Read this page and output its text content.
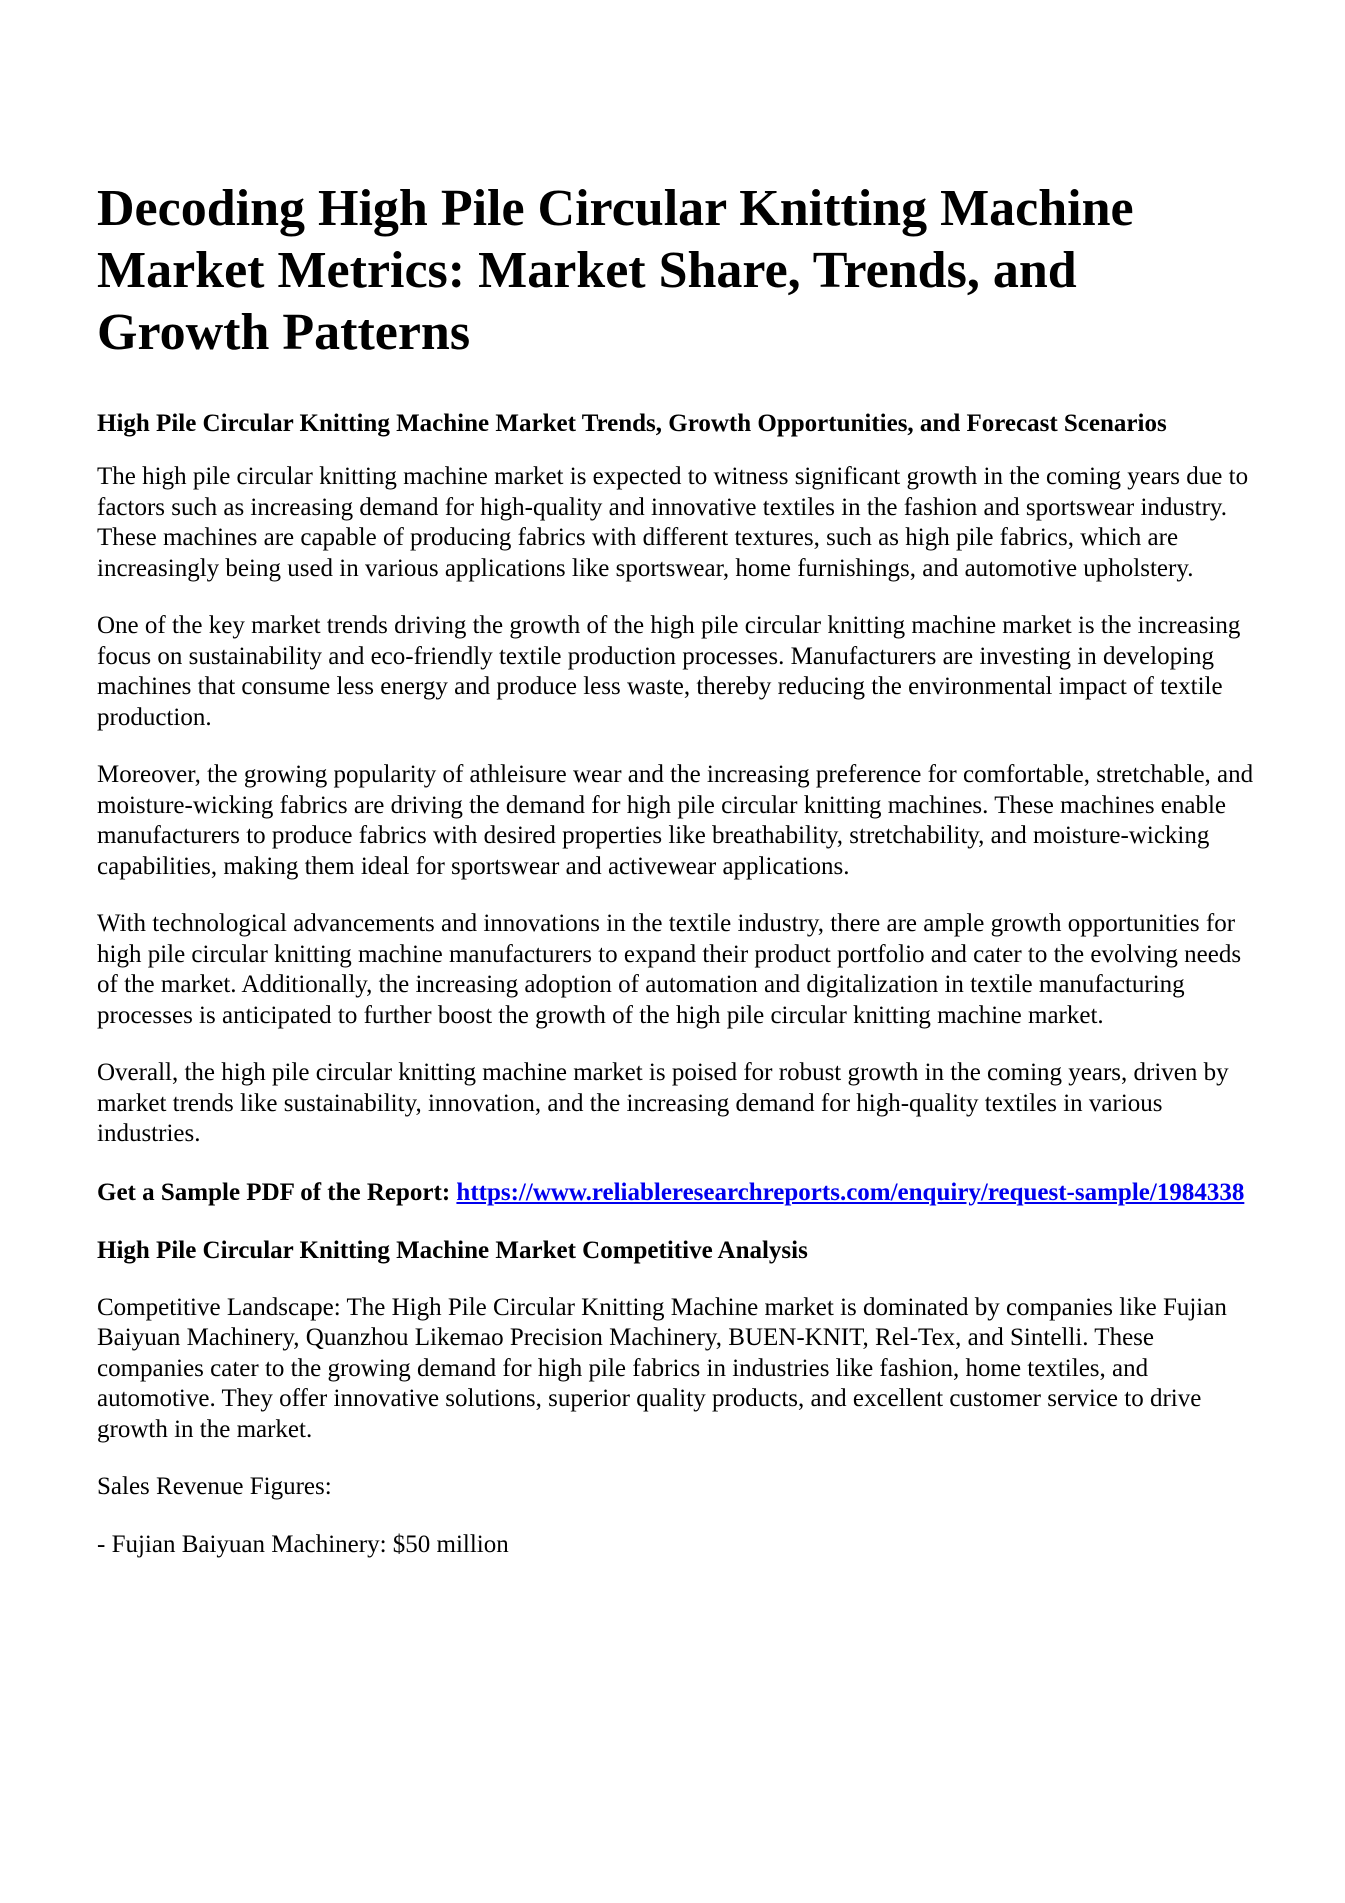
Decoding High Pile Circular Knitting Machine Market Metrics: Market Share, Trends, and Growth Patterns
High Pile Circular Knitting Machine Market Trends, Growth Opportunities, and Forecast Scenarios

The high pile circular knitting machine market is expected to witness significant growth in the coming years due to factors such as increasing demand for high-quality and innovative textiles in the fashion and sportswear industry. These machines are capable of producing fabrics with different textures, such as high pile fabrics, which are increasingly being used in various applications like sportswear, home furnishings, and automotive upholstery.

One of the key market trends driving the growth of the high pile circular knitting machine market is the increasing focus on sustainability and eco-friendly textile production processes. Manufacturers are investing in developing machines that consume less energy and produce less waste, thereby reducing the environmental impact of textile production.

Moreover, the growing popularity of athleisure wear and the increasing preference for comfortable, stretchable, and moisture-wicking fabrics are driving the demand for high pile circular knitting machines. These machines enable manufacturers to produce fabrics with desired properties like breathability, stretchability, and moisture-wicking capabilities, making them ideal for sportswear and activewear applications.

With technological advancements and innovations in the textile industry, there are ample growth opportunities for high pile circular knitting machine manufacturers to expand their product portfolio and cater to the evolving needs of the market. Additionally, the increasing adoption of automation and digitalization in textile manufacturing processes is anticipated to further boost the growth of the high pile circular knitting machine market.

Overall, the high pile circular knitting machine market is poised for robust growth in the coming years, driven by market trends like sustainability, innovation, and the increasing demand for high-quality textiles in various industries.

Get a Sample PDF of the Report: https://www.reliableresearchreports.com/enquiry/request-sample/1984338

High Pile Circular Knitting Machine Market Competitive Analysis

Competitive Landscape: The High Pile Circular Knitting Machine market is dominated by companies like Fujian Baiyuan Machinery, Quanzhou Likemao Precision Machinery, BUEN-KNIT, Rel-Tex, and Sintelli. These companies cater to the growing demand for high pile fabrics in industries like fashion, home textiles, and automotive. They offer innovative solutions, superior quality products, and excellent customer service to drive growth in the market.

Sales Revenue Figures:

- Fujian Baiyuan Machinery: $50 million
